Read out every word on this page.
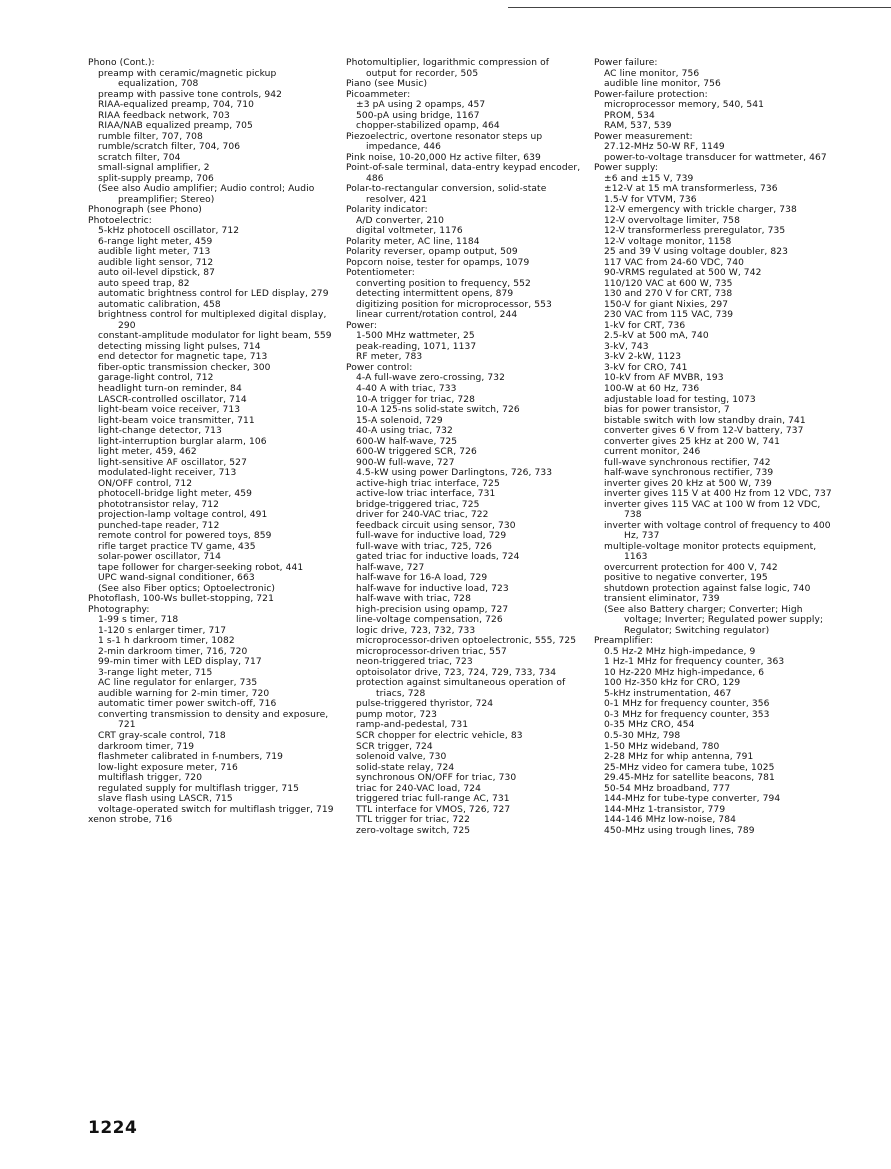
Phono (Cont.):
preamp with ceramic/magnetic pickup equalization, 708
preamp with passive tone controls, 942
RIAA-equalized preamp, 704, 710
RIAA feedback network, 703
RIAA/NAB equalized preamp, 705
rumble filter, 707, 708
rumble/scratch filter, 704, 706
scratch filter, 704
small-signal amplifier, 2
split-supply preamp, 706
(See also Audio amplifier; Audio control; Audio preamplifier; Stereo)
Phonograph (see Phono)
Photoelectric:
5-kHz photocell oscillator, 712
6-range light meter, 459
audible light meter, 713
audible light sensor, 712
auto oil-level dipstick, 87
auto speed trap, 82
automatic brightness control for LED display, 279
automatic calibration, 458
brightness control for multiplexed digital display, 290
constant-amplitude modulator for light beam, 559
detecting missing light pulses, 714
end detector for magnetic tape, 713
fiber-optic transmission checker, 300
garage-light control, 712
headlight turn-on reminder, 84
LASCR-controlled oscillator, 714
light-beam voice receiver, 713
light-beam voice transmitter, 711
light-change detector, 713
light-interruption burglar alarm, 106
light meter, 459, 462
light-sensitive AF oscillator, 527
modulated-light receiver, 713
ON/OFF control, 712
photocell-bridge light meter, 459
phototransistor relay, 712
projection-lamp voltage control, 491
punched-tape reader, 712
remote control for powered toys, 859
rifle target practice TV game, 435
solar-power oscillator, 714
tape follower for charger-seeking robot, 441
UPC wand-signal conditioner, 663
(See also Fiber optics; Optoelectronic)
Photoflash, 100-Ws bullet-stopping, 721
Photography:
1-99 s timer, 718
1-120 s enlarger timer, 717
1 s-1 h darkroom timer, 1082
2-min darkroom timer, 716, 720
99-min timer with LED display, 717
3-range light meter, 715
AC line regulator for enlarger, 735
audible warning for 2-min timer, 720
automatic timer power switch-off, 716
converting transmission to density and exposure, 721
CRT gray-scale control, 718
darkroom timer, 719
flashmeter calibrated in f-numbers, 719
low-light exposure meter, 716
multiflash trigger, 720
regulated supply for multiflash trigger, 715
slave flash using LASCR, 715
voltage-operated switch for multiflash trigger, 719
xenon strobe, 716
Photomultiplier, logarithmic compression of output for recorder, 505
Piano (see Music)
Picoammeter:
±3 pA using 2 opamps, 457
500-pA using bridge, 1167
chopper-stabilized opamp, 464
Piezoelectric, overtone resonator steps up impedance, 446
Pink noise, 10-20,000 Hz active filter, 639
Point-of-sale terminal, data-entry keypad encoder, 486
Polar-to-rectangular conversion, solid-state resolver, 421
Polarity indicator:
A/D converter, 210
digital voltmeter, 1176
Polarity meter, AC line, 1184
Polarity reverser, opamp output, 509
Popcorn noise, tester for opamps, 1079
Potentiometer:
converting position to frequency, 552
detecting intermittent opens, 879
digitizing position for microprocessor, 553
linear current/rotation control, 244
Power:
1-500 MHz wattmeter, 25
peak-reading, 1071, 1137
RF meter, 783
Power control:
4-A full-wave zero-crossing, 732
4-40 A with triac, 733
10-A trigger for triac, 728
10-A 125-ns solid-state switch, 726
15-A solenoid, 729
40-A using triac, 732
600-W half-wave, 725
600-W triggered SCR, 726
900-W full-wave, 727
4.5-kW using power Darlingtons, 726, 733
active-high triac interface, 725
active-low triac interface, 731
bridge-triggered triac, 725
driver for 240-VAC triac, 722
feedback circuit using sensor, 730
full-wave for inductive load, 729
full-wave with triac, 725, 726
gated triac for inductive loads, 724
half-wave, 727
half-wave for 16-A load, 729
half-wave for inductive load, 723
half-wave with triac, 728
high-precision using opamp, 727
line-voltage compensation, 726
logic drive, 723, 732, 733
microprocessor-driven optoelectronic, 555, 725
microprocessor-driven triac, 557
neon-triggered triac, 723
optoisolator drive, 723, 724, 729, 733, 734
protection against simultaneous operation of triacs, 728
pulse-triggered thyristor, 724
pump motor, 723
ramp-and-pedestal, 731
SCR chopper for electric vehicle, 83
SCR trigger, 724
solenoid valve, 730
solid-state relay, 724
synchronous ON/OFF for triac, 730
triac for 240-VAC load, 724
triggered triac full-range AC, 731
TTL interface for VMOS, 726, 727
TTL trigger for triac, 722
zero-voltage switch, 725
Power failure:
AC line monitor, 756
audible line monitor, 756
Power-failure protection:
microprocessor memory, 540, 541
PROM, 534
RAM, 537, 539
Power measurement:
27.12-MHz 50-W RF, 1149
power-to-voltage transducer for wattmeter, 467
Power supply:
±6 and ±15 V, 739
±12-V at 15 mA transformerless, 736
1.5-V for VTVM, 736
12-V emergency with trickle charger, 738
12-V overvoltage limiter, 758
12-V transformerless preregulator, 735
12-V voltage monitor, 1158
25 and 39 V using voltage doubler, 823
117 VAC from 24-60 VDC, 740
90-VRMS regulated at 500 W, 742
110/120 VAC at 600 W, 735
130 and 270 V for CRT, 738
150-V for giant Nixies, 297
230 VAC from 115 VAC, 739
1-kV for CRT, 736
2.5-kV at 500 mA, 740
3-kV, 743
3-kV 2-kW, 1123
3-kV for CRO, 741
10-kV from AF MVBR, 193
100-W at 60 Hz, 736
adjustable load for testing, 1073
bias for power transistor, 7
bistable switch with low standby drain, 741
converter gives 6 V from 12-V battery, 737
converter gives 25 kHz at 200 W, 741
current monitor, 246
full-wave synchronous rectifier, 742
half-wave synchronous rectifier, 739
inverter gives 20 kHz at 500 W, 739
inverter gives 115 V at 400 Hz from 12 VDC, 737
inverter gives 115 VAC at 100 W from 12 VDC, 738
inverter with voltage control of frequency to 400 Hz, 737
multiple-voltage monitor protects equipment, 1163
overcurrent protection for 400 V, 742
positive to negative converter, 195
shutdown protection against false logic, 740
transient eliminator, 739
(See also Battery charger; Converter; High voltage; Inverter; Regulated power supply; Regulator; Switching regulator)
Preamplifier:
0.5 Hz-2 MHz high-impedance, 9
1 Hz-1 MHz for frequency counter, 363
10 Hz-220 MHz high-impedance, 6
100 Hz-350 kHz for CRO, 129
5-kHz instrumentation, 467
0-1 MHz for frequency counter, 356
0-3 MHz for frequency counter, 353
0-35 MHz CRO, 454
0.5-30 MHz, 798
1-50 MHz wideband, 780
2-28 MHz for whip antenna, 791
25-MHz video for camera tube, 1025
29.45-MHz for satellite beacons, 781
50-54 MHz broadband, 777
144-MHz for tube-type converter, 794
144-MHz 1-transistor, 779
144-146 MHz low-noise, 784
450-MHz using trough lines, 789
1224
